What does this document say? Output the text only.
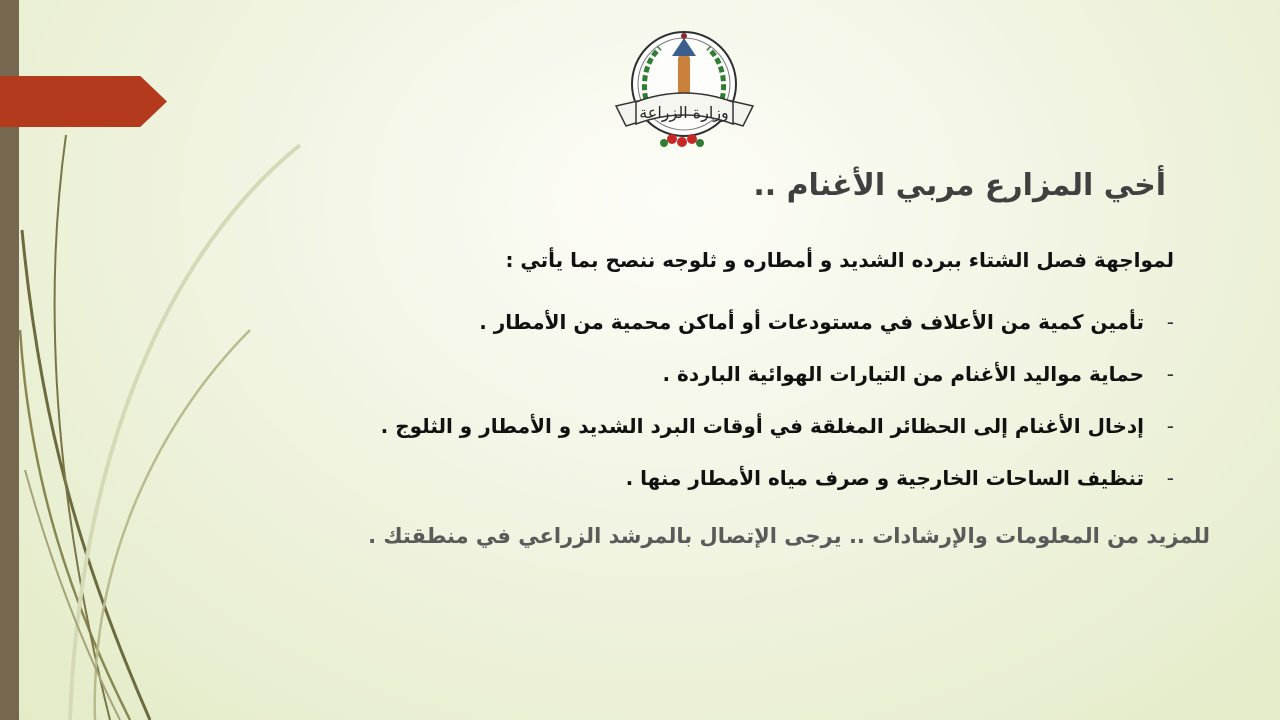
وزارة الزراعة
أخي المزارع مربي الأغنام ..
لمواجهة فصل الشتاء ببرده الشديد و أمطاره و ثلوجه ننصح بما يأتي :
-
تأمين كمية من الأعلاف في مستودعات أو أماكن محمية من الأمطار .
-
حماية مواليد الأغنام من التيارات الهوائية الباردة .
-
إدخال الأغنام إلى الحظائر المغلقة في أوقات البرد الشديد و الأمطار و الثلوج .
-
تنظيف الساحات الخارجية و صرف مياه الأمطار منها .
للمزيد من المعلومات والإرشادات .. يرجى الإتصال بالمرشد الزراعي في منطقتك .
